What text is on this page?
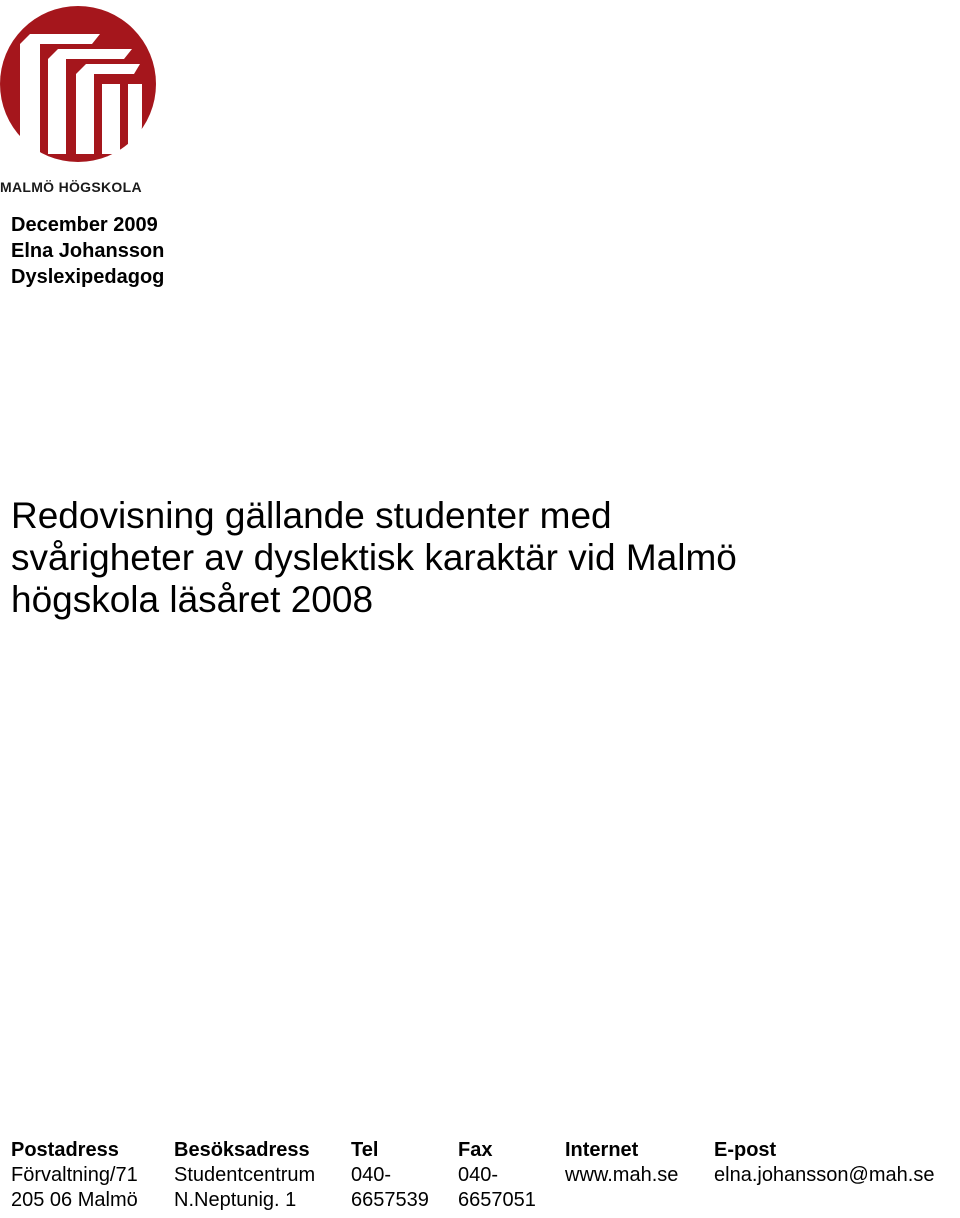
MALMÖ HÖGSKOLA
December 2009
Elna Johansson
Dyslexipedagog
Redovisning gällande studenter med
svårigheter av dyslektisk karaktär vid Malmö
högskola läsåret 2008
Postadress
Förvaltning/71
205 06 Malmö
Besöksadress
Studentcentrum
N.Neptunig. 1
Tel
040-
6657539
Fax
040-
6657051
Internet
www.mah.se
E-post
elna.johansson@mah.se
